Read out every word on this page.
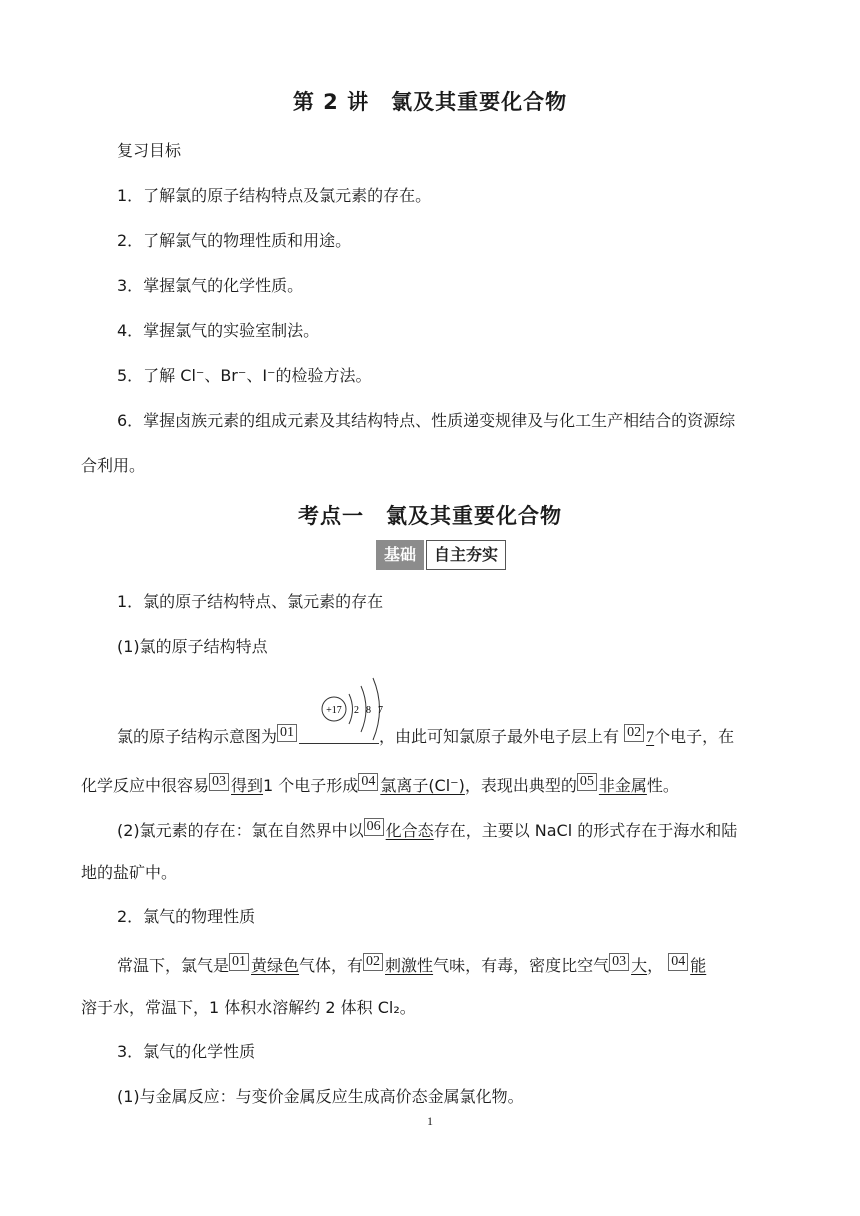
第 2 讲　氯及其重要化合物
复习目标
1．了解氯的原子结构特点及氯元素的存在。
2．了解氯气的物理性质和用途。
3．掌握氯气的化学性质。
4．掌握氯气的实验室制法。
5．了解 Cl⁻、Br⁻、I⁻的检验方法。
6．掌握卤族元素的组成元素及其结构特点、性质递变规律及与化工生产相结合的资源综
合利用。
考点一　氯及其重要化合物
基础	自主夯实
1．氯的原子结构特点、氯元素的存在
(1)氯的原子结构特点
+17 2 8 7
氯的原子结构示意图为 01	，由此可知氯原子最外电子层上有 02 7个电子，在
化学反应中很容易 03 得到1 个电子形成 04 氯离子(Cl⁻)，表现出典型的 05 非金属性。
(2)氯元素的存在：氯在自然界中以 06 化合态存在，主要以 NaCl 的形式存在于海水和陆
地的盐矿中。
2．氯气的物理性质
常温下，氯气是 01 黄绿色气体，有 02 刺激性气味，有毒，密度比空气 03 大， 04 能
溶于水，常温下，1 体积水溶解约 2 体积 Cl₂。
3．氯气的化学性质
(1)与金属反应：与变价金属反应生成高价态金属氯化物。
1
